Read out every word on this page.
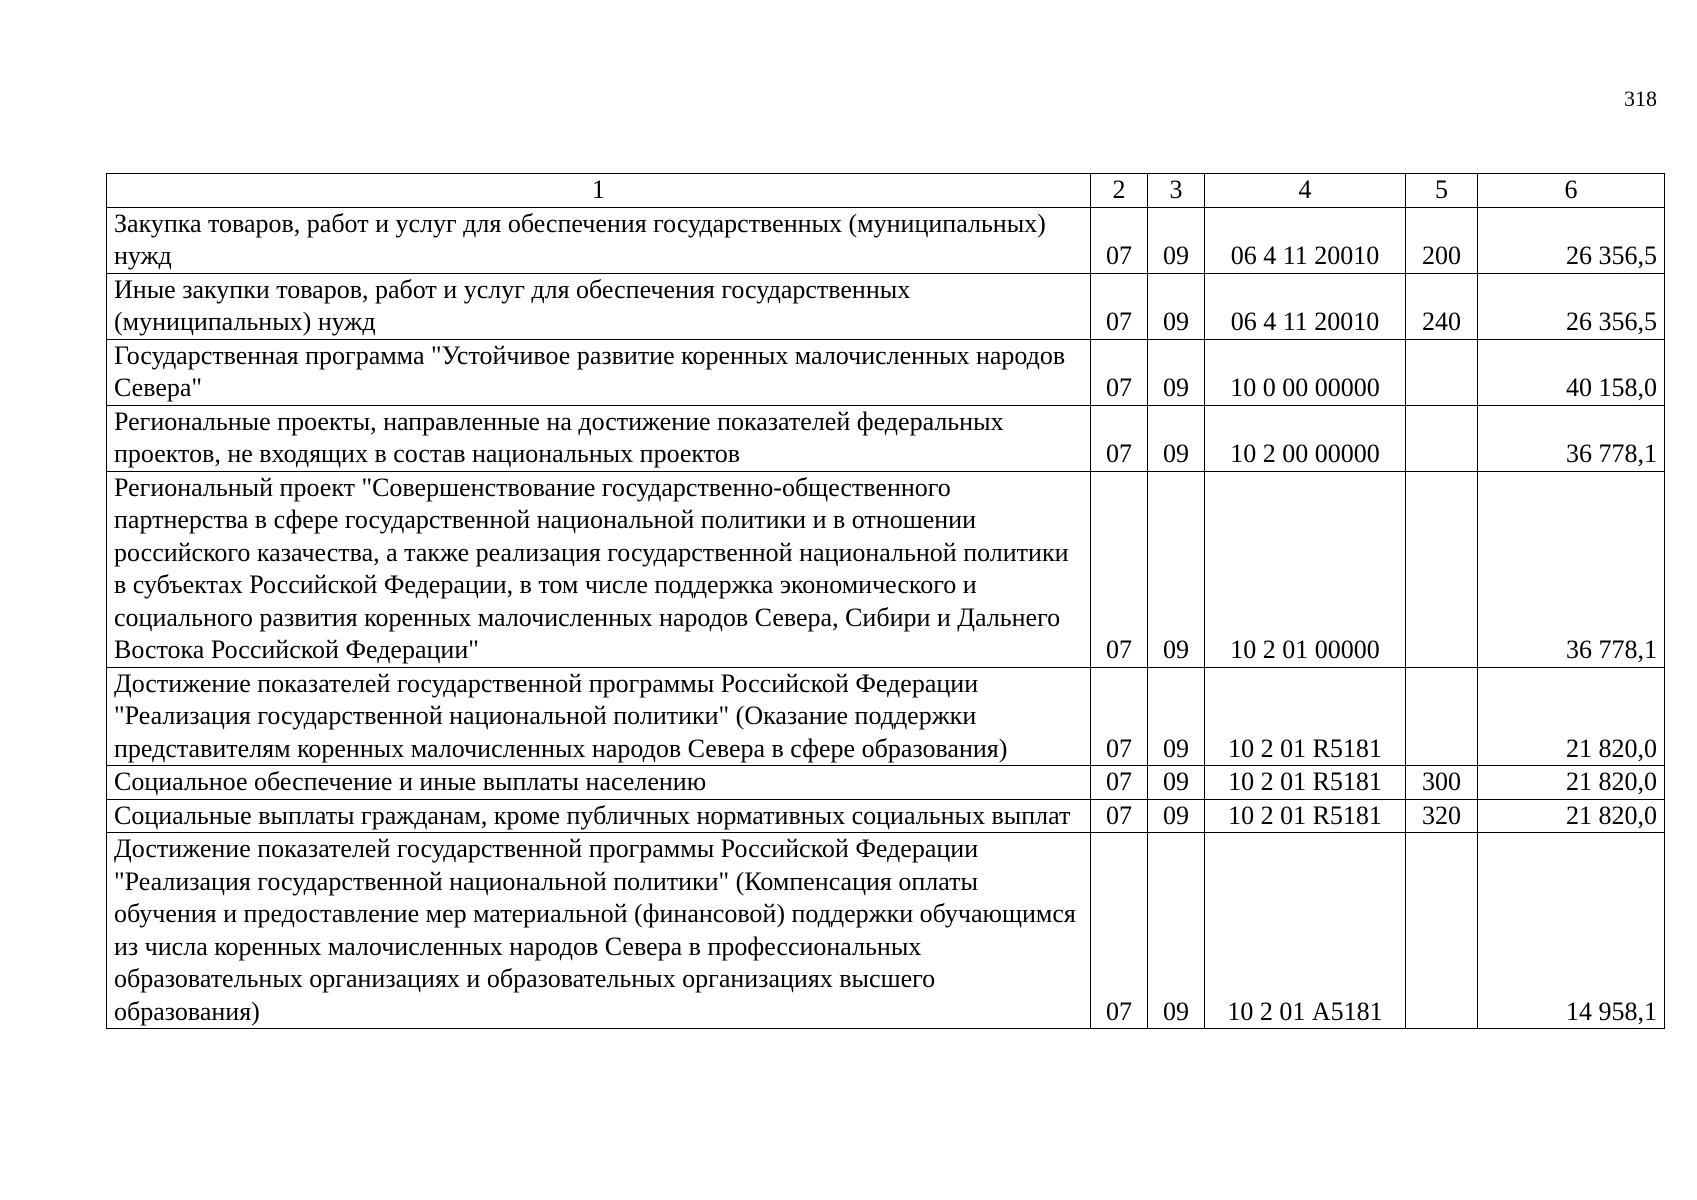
318
1	2	3	4	5	6
Закупка товаров, работ и услуг для обеспечения государственных (муниципальных) нужд	07	09	06 4 11 20010	200	26 356,5
Иные закупки товаров, работ и услуг для обеспечения государственных (муниципальных) нужд	07	09	06 4 11 20010	240	26 356,5
Государственная программа "Устойчивое развитие коренных малочисленных народов Севера"	07	09	10 0 00 00000		40 158,0
Региональные проекты, направленные на достижение показателей федеральных проектов, не входящих в состав национальных проектов	07	09	10 2 00 00000		36 778,1
Региональный проект "Совершенствование государственно-общественного партнерства в сфере государственной национальной политики и в отношении российского казачества, а также реализация государственной национальной политики в субъектах Российской Федерации, в том числе поддержка экономического и социального развития коренных малочисленных народов Севера, Сибири и Дальнего Востока Российской Федерации"	07	09	10 2 01 00000		36 778,1
Достижение показателей государственной программы Российской Федерации "Реализация государственной национальной политики" (Оказание поддержки представителям коренных малочисленных народов Севера в сфере образования)	07	09	10 2 01 R5181		21 820,0
Социальное обеспечение и иные выплаты населению	07	09	10 2 01 R5181	300	21 820,0
Социальные выплаты гражданам, кроме публичных нормативных социальных выплат	07	09	10 2 01 R5181	320	21 820,0
Достижение показателей государственной программы Российской Федерации "Реализация государственной национальной политики" (Компенсация оплаты обучения и предоставление мер материальной (финансовой) поддержки обучающимся из числа коренных малочисленных народов Севера в профессиональных образовательных организациях и образовательных организациях высшего образования)	07	09	10 2 01 А5181		14 958,1
